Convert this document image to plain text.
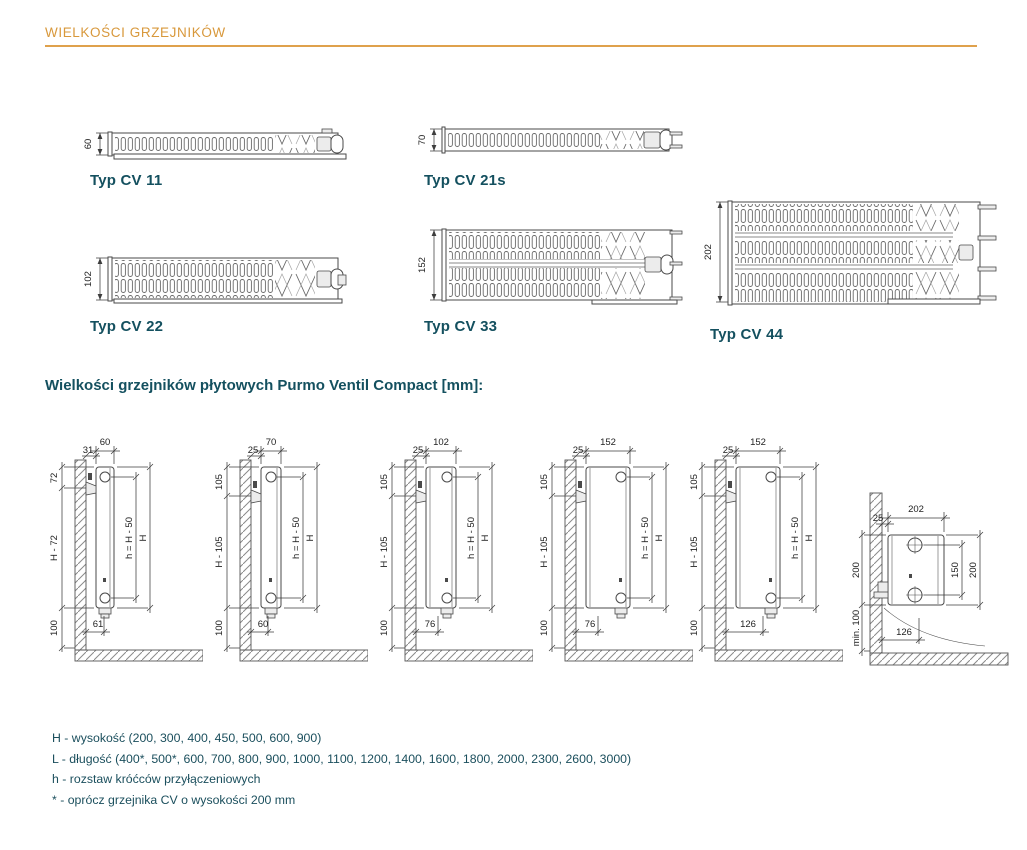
WIELKOŚCI GRZEJNIKÓW
60
Typ CV 11
70
Typ CV 21s
102
Typ CV 22
152
Typ CV 33
202
Typ CV 44
Wielkości grzejników płytowych Purmo Ventil Compact [mm]:
60
31
72
H - 72
100
h = H - 50 H
61
70
25
105
H - 105
100
h = H - 50 H
60
102
25
105
H - 105
100
h = H - 50 H
76
152
25
105
H - 105
100
h = H - 50 H
76
152
25
105
H - 105
100
h = H - 50 H
126
202
25
150 200
200
min. 100	126
H - wysokość (200, 300, 400, 450, 500, 600, 900)
L - długość (400*, 500*, 600, 700, 800, 900, 1000, 1100, 1200, 1400, 1600, 1800, 2000, 2300, 2600, 3000)
h - rozstaw króćców przyłączeniowych
* - oprócz grzejnika CV o wysokości 200 mm
